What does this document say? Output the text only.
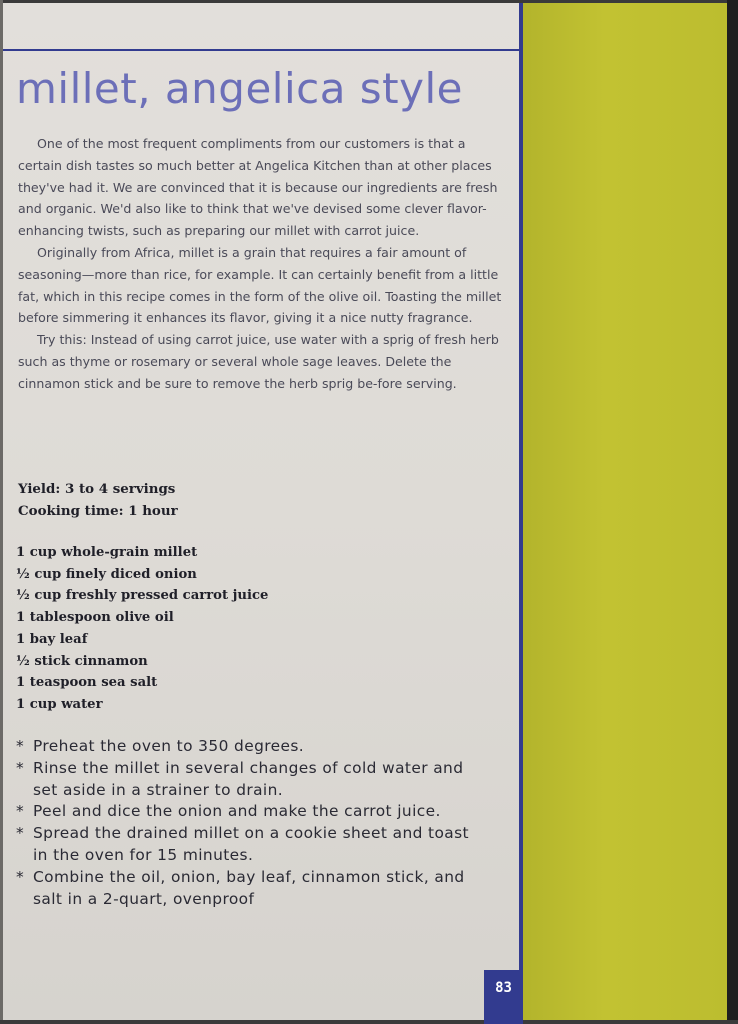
millet, angelica style

One of the most frequent compliments from our customers is that a certain dish tastes so much better at Angelica Kitchen than at other places they've had it. We are convinced that it is because our ingredients are fresh and organic. We'd also like to think that we've devised some clever flavor-enhancing twists, such as preparing our millet with carrot juice.

Originally from Africa, millet is a grain that requires a fair amount of seasoning—more than rice, for example. It can certainly benefit from a little fat, which in this recipe comes in the form of the olive oil. Toasting the millet before simmering it enhances its flavor, giving it a nice nutty fragrance.

Try this: Instead of using carrot juice, use water with a sprig of fresh herb such as thyme or rosemary or several whole sage leaves. Delete the cinnamon stick and be sure to remove the herb sprig be-fore serving.

Yield: 3 to 4 servings
Cooking time: 1 hour
1 cup whole-grain millet
½ cup finely diced onion
½ cup freshly pressed carrot juice
1 tablespoon olive oil
1 bay leaf
½ stick cinnamon
1 teaspoon sea salt
1 cup water
* Preheat the oven to 350 degrees.
* Rinse the millet in several changes of cold water and set aside in a strainer to drain.
* Peel and dice the onion and make the carrot juice.
* Spread the drained millet on a cookie sheet and toast in the oven for 15 minutes.
* Combine the oil, onion, bay leaf, cinnamon stick, and salt in a 2-quart, ovenproof
83
